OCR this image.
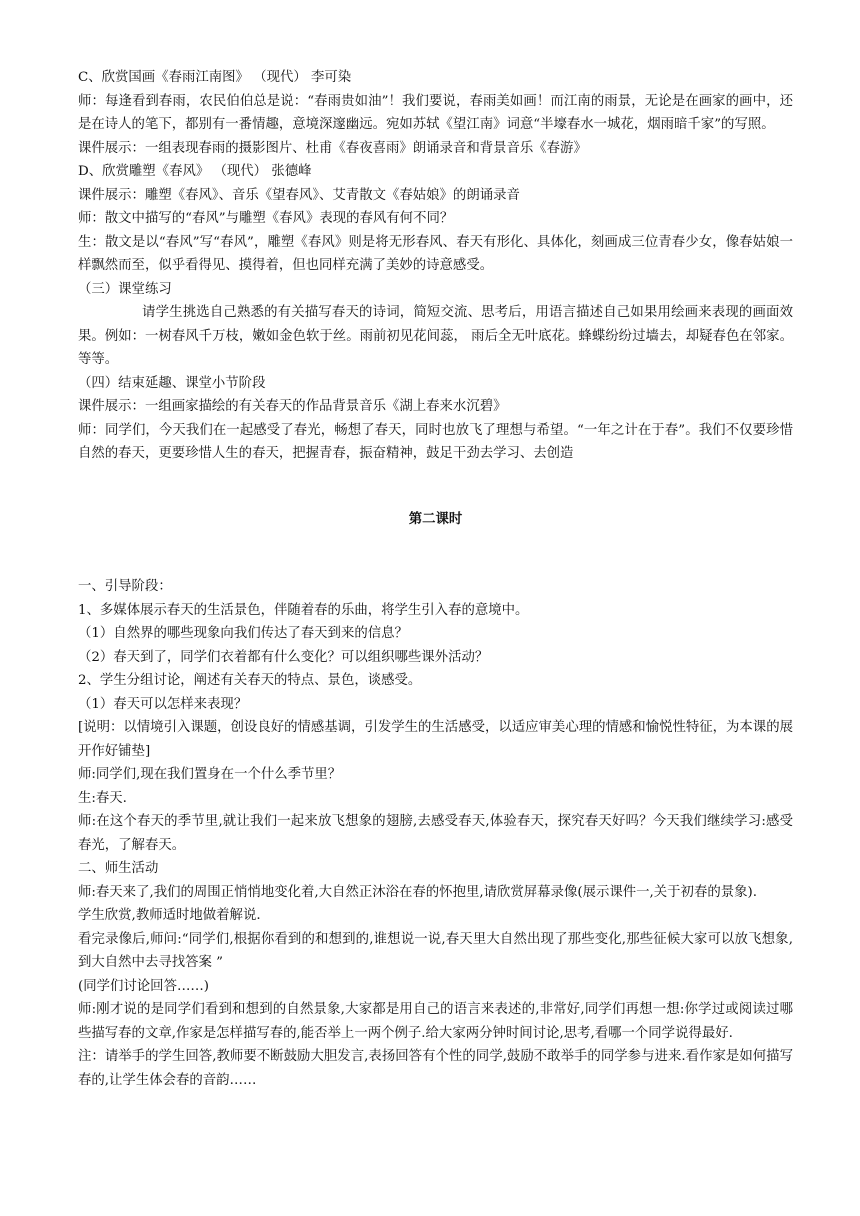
C、欣赏国画《春雨江南图》 （现代） 李可染
师：每逢看到春雨，农民伯伯总是说：“春雨贵如油”！我们要说，春雨美如画！而江南的雨景，无论是在画家的画中，还是在诗人的笔下，都别有一番情趣，意境深邃幽远。宛如苏轼《望江南》词意“半壕春水一城花，烟雨暗千家”的写照。
课件展示：一组表现春雨的摄影图片、杜甫《春夜喜雨》朗诵录音和背景音乐《春游》
D、欣赏雕塑《春风》 （现代） 张德峰
课件展示：雕塑《春风》、音乐《望春风》、艾青散文《春姑娘》的朗诵录音
师：散文中描写的“春风”与雕塑《春风》表现的春风有何不同？
生：散文是以“春风”写“春风”，雕塑《春风》则是将无形春风、春天有形化、具体化，刻画成三位青春少女，像春姑娘一样飘然而至，似乎看得见、摸得着，但也同样充满了美妙的诗意感受。
（三）课堂练习
请学生挑选自己熟悉的有关描写春天的诗词，简短交流、思考后，用语言描述自己如果用绘画来表现的画面效果。例如：一树春风千万枝，嫩如金色软于丝。雨前初见花间蕊， 雨后全无叶底花。蜂蝶纷纷过墙去，却疑春色在邻家。等等。
（四）结束延趣、课堂小节阶段
课件展示：一组画家描绘的有关春天的作品背景音乐《湖上春来水沉碧》
师：同学们，今天我们在一起感受了春光，畅想了春天，同时也放飞了理想与希望。“一年之计在于春”。我们不仅要珍惜自然的春天，更要珍惜人生的春天，把握青春，振奋精神，鼓足干劲去学习、去创造
第二课时
一、引导阶段：
1、多媒体展示春天的生活景色，伴随着春的乐曲，将学生引入春的意境中。
（1）自然界的哪些现象向我们传达了春天到来的信息？
（2）春天到了，同学们衣着都有什么变化？可以组织哪些课外活动？
2、学生分组讨论，阐述有关春天的特点、景色，谈感受。
（1）春天可以怎样来表现？
[说明：以情境引入课题，创设良好的情感基调，引发学生的生活感受，以适应审美心理的情感和愉悦性特征，为本课的展开作好铺垫]
师:同学们,现在我们置身在一个什么季节里？
生:春天.
师:在这个春天的季节里,就让我们一起来放飞想象的翅膀,去感受春天,体验春天，探究春天好吗？今天我们继续学习:感受春光，了解春天。
二、师生活动
师:春天来了,我们的周围正悄悄地变化着,大自然正沐浴在春的怀抱里,请欣赏屏幕录像(展示课件一,关于初春的景象).
学生欣赏,教师适时地做着解说.
看完录像后,师问:“同学们,根据你看到的和想到的,谁想说一说,春天里大自然出现了那些变化,那些征候大家可以放飞想象,到大自然中去寻找答案 ”
(同学们讨论回答……)
师:刚才说的是同学们看到和想到的自然景象,大家都是用自己的语言来表述的,非常好,同学们再想一想:你学过或阅读过哪些描写春的文章,作家是怎样描写春的,能否举上一两个例子.给大家两分钟时间讨论,思考,看哪一个同学说得最好.
注：请举手的学生回答,教师要不断鼓励大胆发言,表扬回答有个性的同学,鼓励不敢举手的同学参与进来.看作家是如何描写春的,让学生体会春的音韵……
